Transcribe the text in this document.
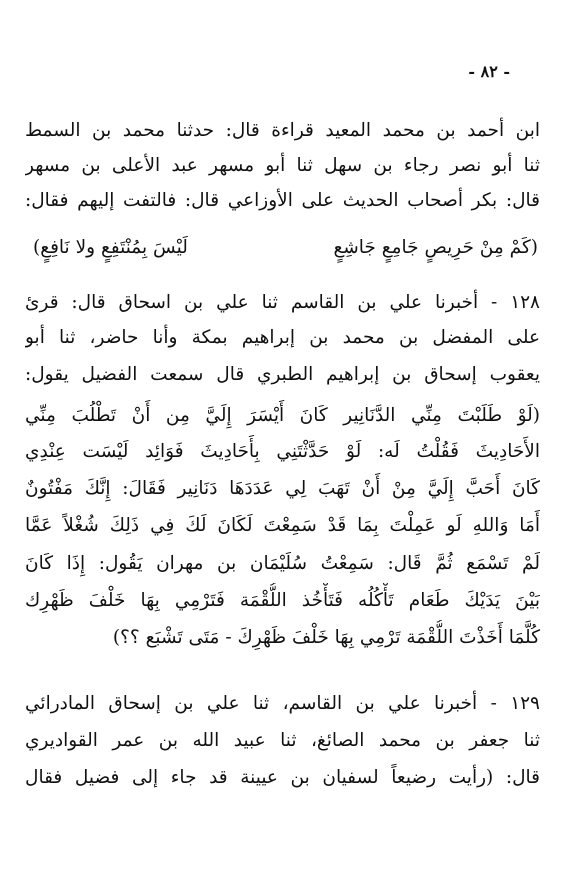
- ٨٢ -
ابن أحمد بن محمد المعيد قراءة قال: حدثنا محمد بن السمط
ثنا أبو نصر رجاء بن سهل ثنا أبو مسهر عبد الأعلى بن مسهر
قال: بكر أصحاب الحديث على الأوزاعي قال: فالتفت إليهم فقال:
(كَمْ مِنْ حَرِيصٍ جَامِعٍ جَاشِعٍ
لَيْسَ بِمُنْتَفِعٍ ولا نَافِعٍ)
١٢٨ - أخبرنا علي بن القاسم ثنا علي بن اسحاق قال: قرئ
على المفضل بن محمد بن إبراهيم بمكة وأنا حاضر، ثنا أبو
يعقوب إسحاق بن إبراهيم الطبري قال سمعت الفضيل يقول:
(لَوْ طَلَبْتَ مِنِّي الدَّنَانِير كَانَ أَيْسَرَ إِلَيَّ مِن أَنْ تَطْلُبَ مِنِّي
الأَحَادِيثَ فَقُلْتُ لَه: لَوْ حَدَّثْتَنِي بِأَحَادِيثَ فَوَائِد لَيْسَت عِنْدِي
كَانَ أَحَبَّ إِلَيَّ مِنْ أَنْ تَهَبَ لِي عَدَدَهَا دَنَانِير فَقَالَ: إِنَّكَ مَفْتُونٌ
أَمَا وَاللهِ لَو عَمِلْتَ بِمَا قَدْ سَمِعْتَ لَكَانَ لَكَ فِي ذَلِكَ شُغْلاً عَمَّا
لَمْ تَسْمَع ثُمَّ قَال: سَمِعْتُ سُلَيْمَان بن مهران يَقُول: إِذَا كَانَ
بَيْنَ يَدَيْكَ طَعَام تَأْكُلُه فَتَأْخُذ اللُّقْمَة فَتَرْمِي بِهَا خَلْفَ ظَهْرِك
كُلَّمَا أَخَذْتَ اللُّقْمَة تَرْمِي بِهَا خَلْفَ ظَهْرِكَ - مَتَى تَشْبَع ؟؟)
١٢٩ - أخبرنا علي بن القاسم، ثنا علي بن إسحاق المادرائي
ثنا جعفر بن محمد الصائغ، ثنا عبيد الله بن عمر القواديري
قال: (رأيت رضيعاً لسفيان بن عيينة قد جاء إلى فضيل فقال
